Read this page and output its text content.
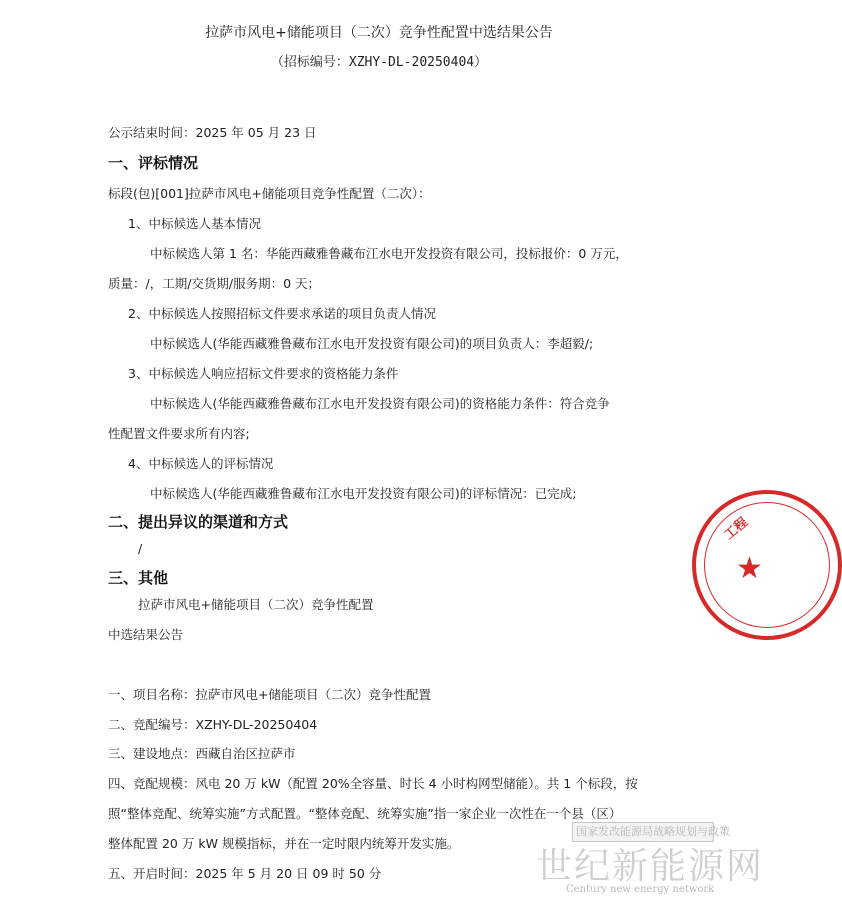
拉萨市风电+储能项目（二次）竞争性配置中选结果公告
（招标编号：XZHY-DL-20250404）
公示结束时间：2025 年 05 月 23 日
一、评标情况
标段(包)[001]拉萨市风电+储能项目竞争性配置（二次）：
1、中标候选人基本情况
中标候选人第 1 名：华能西藏雅鲁藏布江水电开发投资有限公司，投标报价：0 万元，
质量：/，工期/交货期/服务期：0 天；
2、中标候选人按照招标文件要求承诺的项目负责人情况
中标候选人(华能西藏雅鲁藏布江水电开发投资有限公司)的项目负责人：李超毅/;
3、中标候选人响应招标文件要求的资格能力条件
中标候选人(华能西藏雅鲁藏布江水电开发投资有限公司)的资格能力条件：符合竞争
性配置文件要求所有内容;
4、中标候选人的评标情况
中标候选人(华能西藏雅鲁藏布江水电开发投资有限公司)的评标情况：已完成;
二、提出异议的渠道和方式
/
三、其他
拉萨市风电+储能项目（二次）竞争性配置
中选结果公告
一、项目名称：拉萨市风电+储能项目（二次）竞争性配置
二、竞配编号：XZHY-DL-20250404
三、建设地点：西藏自治区拉萨市
四、竞配规模：风电 20 万 kW（配置 20%全容量、时长 4 小时构网型储能）。共 1 个标段，按
照“整体竞配、统筹实施”方式配置。“整体竞配、统筹实施”指一家企业一次性在一个县（区）
整体配置 20 万 kW 规模指标，并在一定时限内统筹开发实施。
五、开启时间：2025 年 5 月 20 日 09 时 50 分
★
工程
国家发改能源局战略规划与政策
世纪新能源网
Century new energy network
